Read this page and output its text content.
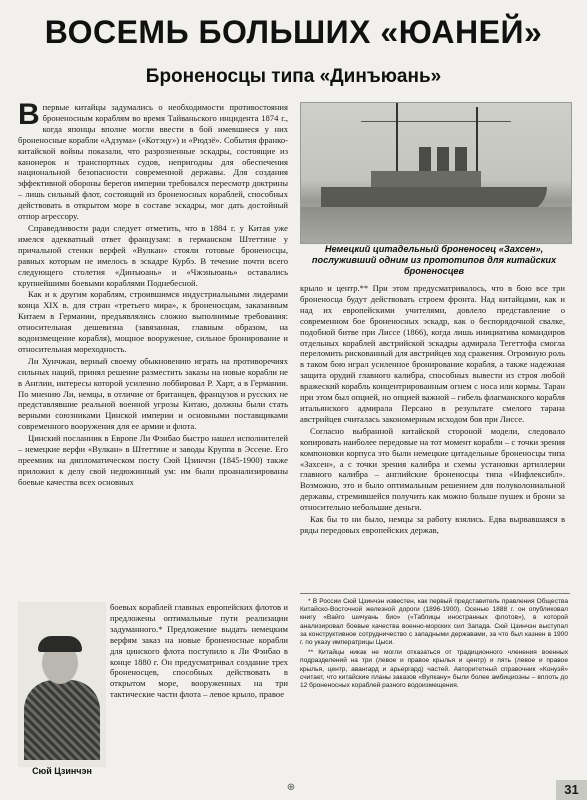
ВОСЕМЬ БОЛЬШИХ «ЮАНЕЙ»
Броненосцы типа «Динъюань»

Впервые китайцы задумались о необходимости противостояния броненосным кораблям во время Тайваньского инцидента 1874 г., когда японцы вполне могли ввести в бой имевшиеся у них броненосные корабли «Адзума» («Котэцу») и «Рюдзё». События франко-китайской войны показали, что разрозненные эскадры, состоящие из канонерок и транспортных судов, непригодны для обеспечения национальной безопасности современной державы. Для создания эффективной обороны берегов империи требовался пересмотр доктрины – лишь сильный флот, состоящий из броненосных кораблей, способных действовать в открытом море в составе эскадры, мог дать достойный отпор агрессору.

Справедливости ради следует отметить, что в 1884 г. у Китая уже имелся адекватный ответ французам: в германском Штеттине у причальной стенки верфей «Вулкан» стояли готовые броненосцы, равных которым не имелось в эскадре Курбэ. В течение почти всего следующего столетия «Динъюань» и «Чжэньюань» оставались крупнейшими боевыми кораблями Поднебесной.

Как и к другим кораблям, строившимся индустриальными лидерами конца XIX в. для стран «третьего мира», к броненосцам, заказанным Китаем в Германии, предъявлялись сложно выполнимые требования: относительная дешевизна (завязанная, главным образом, на водоизмещение корабля), мощное вооружение, сильное бронирование и относительная мореходность.

Ли Хунчжан, верный своему обыкновению играть на противоречиях сильных наций, принял решение разместить заказы на новые корабли не в Англии, интересы которой усиленно лоббировал Р. Харт, а в Германии. По мнению Ли, немцы, в отличие от британцев, французов и русских не представлявшие реальной военной угрозы Китаю, должны были стать верными союзниками Цинской империи и основными поставщиками современного вооружения для ее армии и флота.

Цинский посланник в Европе Ли Фэнбао быстро нашел исполнителей – немецкие верфи «Вулкан» в Штеттине и заводы Круппа в Эссене. Его преемник на дипломатическом посту Сюй Цзинчэн (1845-1900) также приложил к делу свой недюжинный ум: им были проанализированы боевые качества всех основных

Немецкий цитадельный броненосец «Захсен», послуживший одним из прототипов для китайских броненосцев

крыло и центр.** При этом предусматривалось, что в бою все три броненосца будут действовать строем фронта. Над китайцами, как и над их европейскими учителями, довлело представление о современном бое броненосных эскадр, как о беспорядочной свалке, подобной битве при Лиссе (1866), когда лишь инициатива командиров отдельных кораблей австрийской эскадры адмирала Тегеттофа смогла переломить рискованный для австрийцев ход сражения. Огромную роль в таком бою играл усиленное бронирование корабля, а также надежная защита орудий главного калибра, способных вывести из строя любой вражеский корабль концентрированным огнем с носа или кормы. Таран при этом был опцией, но опцией важной – гибель флагманского корабля итальянского адмирала Персано в результате смелого тарана австрийцев считалась закономерным исходом боя при Лиссе.

Согласно выбранной китайской стороной модели, следовало копировать наиболее передовые на тот момент корабли – с точки зрения компоновки корпуса это были немецкие цитадельные броненосцы типа «Захсен», а с точки зрения калибра и схемы установки артиллерии главного калибра – английские броненосцы типа «Инфлексибл». Возможно, это и было оптимальным решением для полуколониальной державы, стремившейся получить как можно больше пушек и брони за относительно небольшие деньги.

Как бы то ни было, немцы за работу взялись. Едва вырвавшаяся в ряды передовых европейских держав,

Сюй Цзинчэн

боевых кораблей главных европейских флотов и предложены оптимальные пути реализации задуманного.* Предложение выдать немецким верфям заказ на новые броненосные корабли для цинского флота поступило к Ли Фэнбао в конце 1880 г. Он предусматривал создание трех броненосцев, способных действовать в открытом море, вооруженных на три тактические части флота – левое крыло, правое

* В России Сюй Цзинчэн известен, как первый представитель правления Общества Китайско-Восточной железной дороги (1896-1900). Осенью 1888 г. он опубликовал книгу «Вайго шичуань био» («Таблицы иностранных флотов»), в которой анализировал боевые качества военно-морских сил Запада. Сюй Цзинчэн выступал за конструктивное сотрудничество с западными державами, за что был казнен в 1900 г. по указу императрицы Цыси.

** Китайцы никак не могли отказаться от традиционного членения военных подразделений на три (левое и правое крылья и центр) и пять (левое и правое крылья, центр, авангард и арьергард) частей. Авторитетный справочник «Конуэй» считает, что китайские планы заказов «Вулкану» были более амбициозны – вплоть до 12 броненосных кораблей разного водоизмещения.

⊕	31
